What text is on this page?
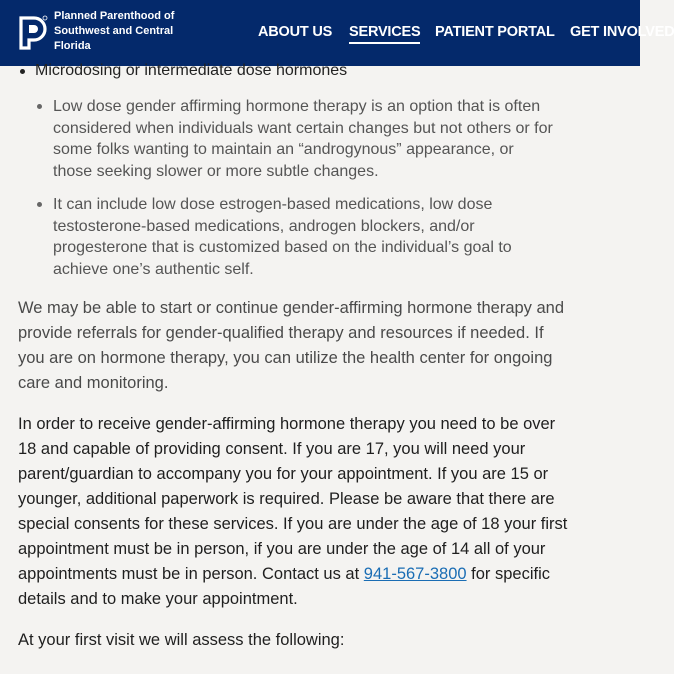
Planned Parenthood of
Southwest and Central
Florida
ABOUT US SERVICES PATIENT PORTAL GET INVOLVED
Microdosing or intermediate dose hormones
Low dose gender affirming hormone therapy is an option that is often considered when individuals want certain changes but not others or for some folks wanting to maintain an “androgynous” appearance, or those seeking slower or more subtle changes.
It can include low dose estrogen-based medications, low dose testosterone-based medications, androgen blockers, and/or progesterone that is customized based on the individual’s goal to achieve one’s authentic self.
We may be able to start or continue gender-affirming hormone therapy and provide referrals for gender-qualified therapy and resources if needed. If you are on hormone therapy, you can utilize the health center for ongoing care and monitoring.
In order to receive gender-affirming hormone therapy you need to be over 18 and capable of providing consent. If you are 17, you will need your parent/guardian to accompany you for your appointment. If you are 15 or younger, additional paperwork is required. Please be aware that there are special consents for these services. If you are under the age of 18 your first appointment must be in person, if you are under the age of 14 all of your appointments must be in person. Contact us at 941-567-3800 for specific details and to make your appointment.
At your first visit we will assess the following:
